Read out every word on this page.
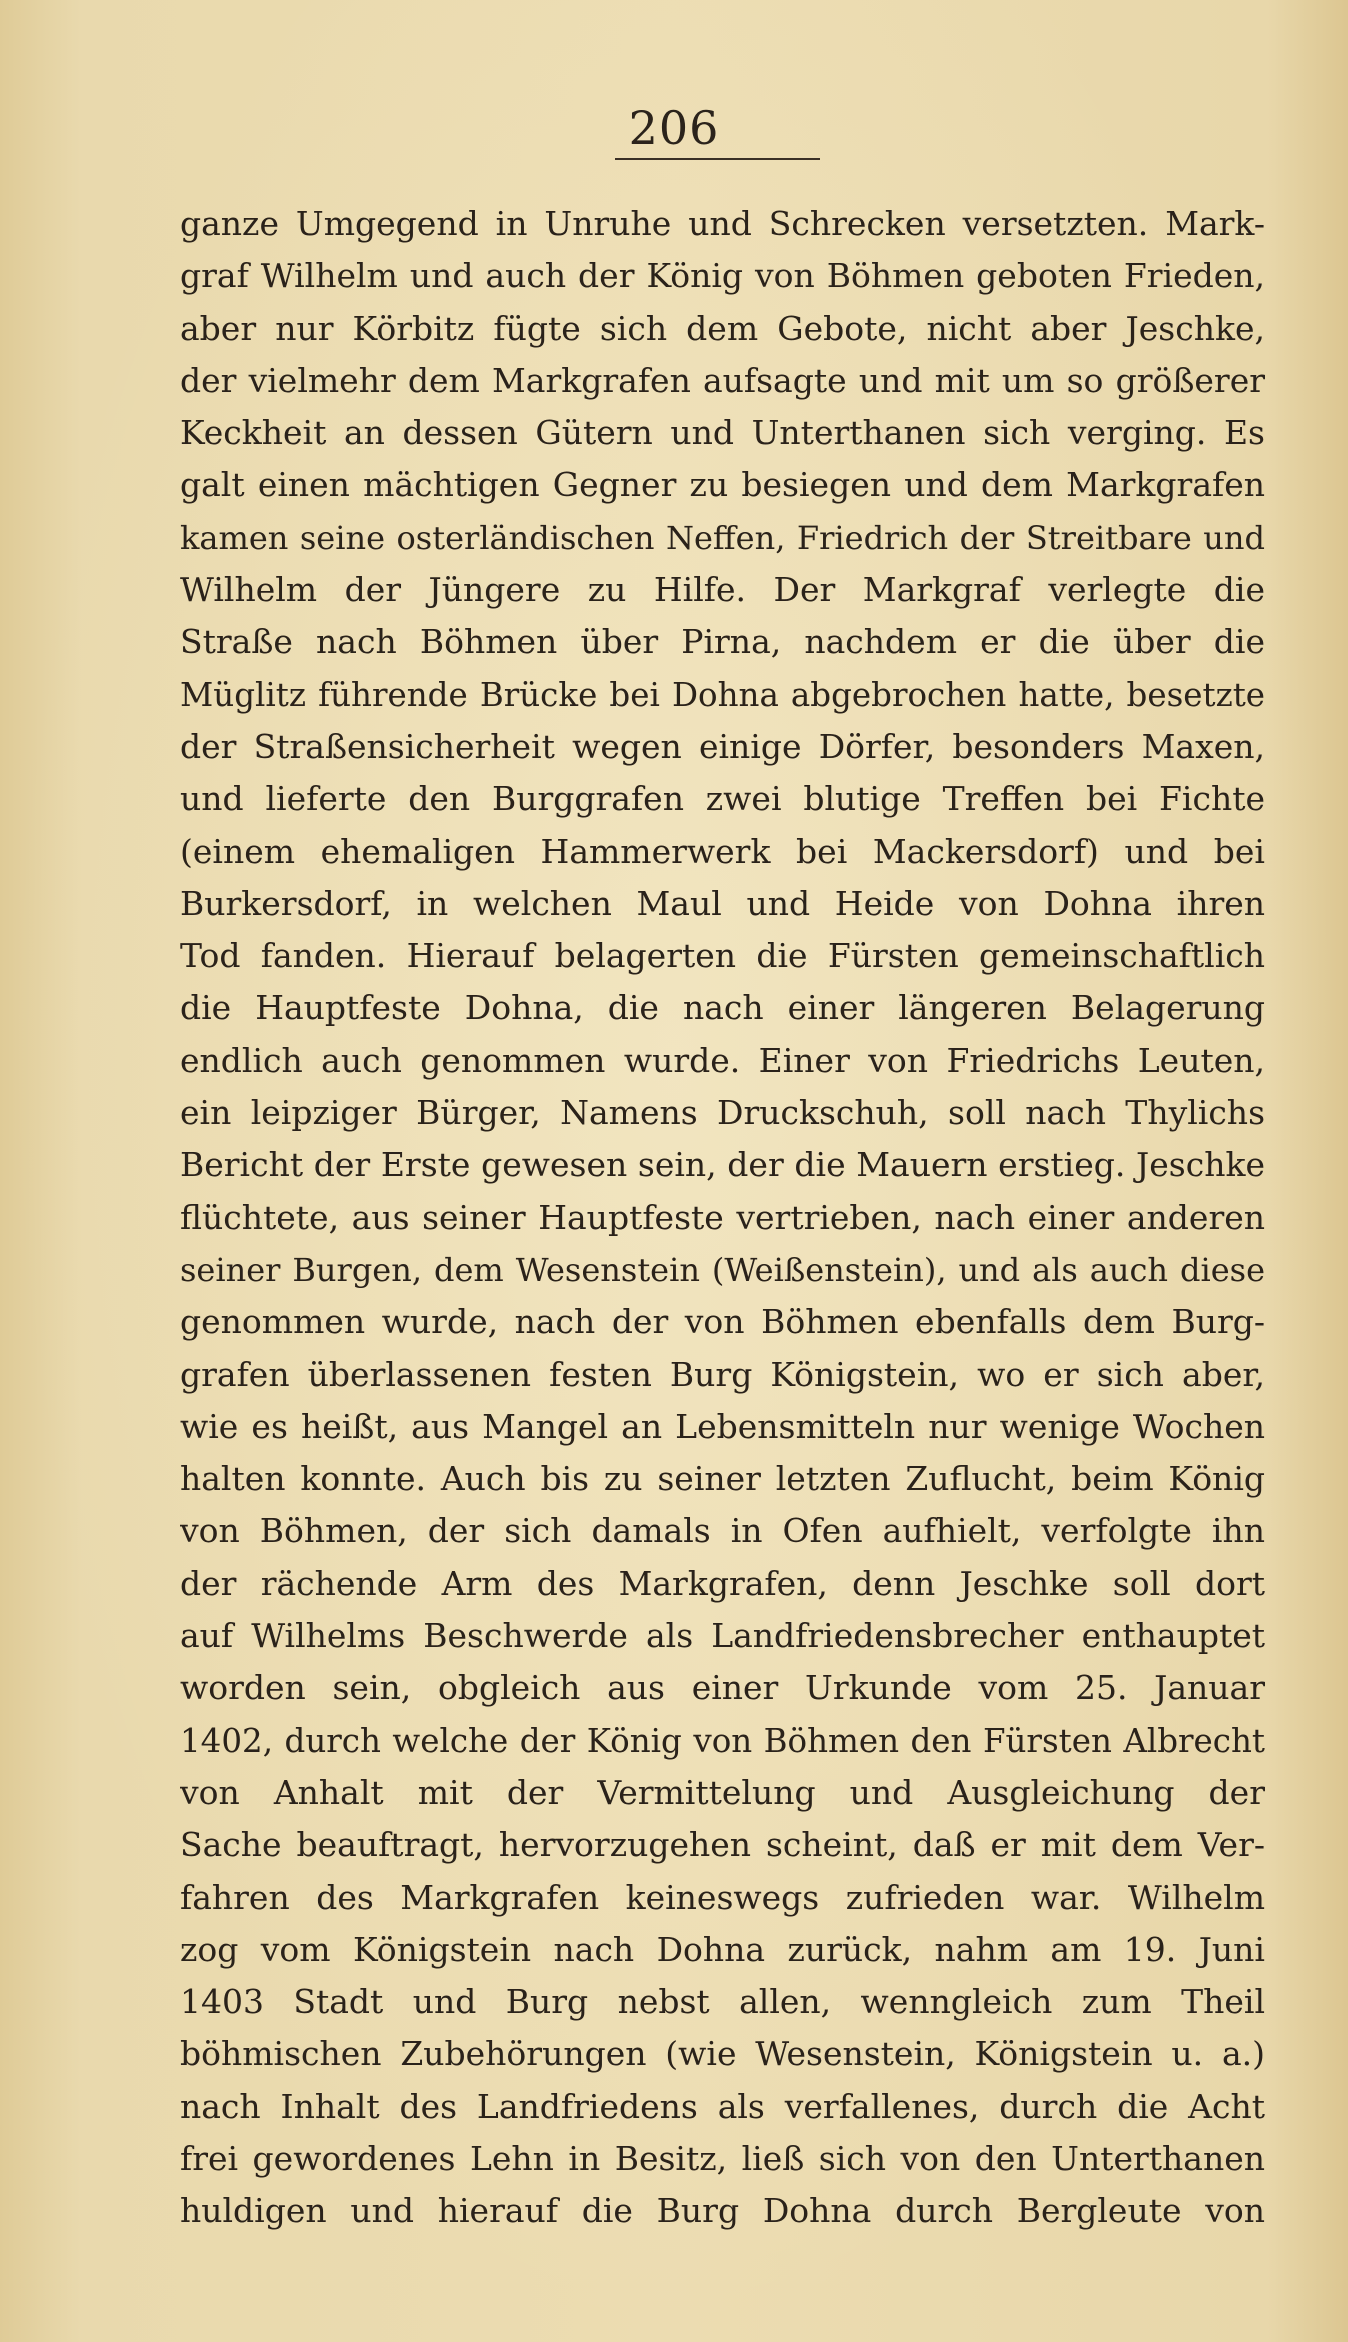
206
ganze Umgegend in Unruhe und Schrecken versetzten. Mark-
graf Wilhelm und auch der König von Böhmen geboten Frieden,
aber nur Körbitz fügte sich dem Gebote, nicht aber Jeschke,
der vielmehr dem Markgrafen aufsagte und mit um so größerer
Keckheit an dessen Gütern und Unterthanen sich verging. Es
galt einen mächtigen Gegner zu besiegen und dem Markgrafen
kamen seine osterländischen Neffen, Friedrich der Streitbare und
Wilhelm der Jüngere zu Hilfe. Der Markgraf verlegte die
Straße nach Böhmen über Pirna, nachdem er die über die
Müglitz führende Brücke bei Dohna abgebrochen hatte, besetzte
der Straßensicherheit wegen einige Dörfer, besonders Maxen,
und lieferte den Burggrafen zwei blutige Treffen bei Fichte
(einem ehemaligen Hammerwerk bei Mackersdorf) und bei
Burkersdorf, in welchen Maul und Heide von Dohna ihren
Tod fanden. Hierauf belagerten die Fürsten gemeinschaftlich
die Hauptfeste Dohna, die nach einer längeren Belagerung
endlich auch genommen wurde. Einer von Friedrichs Leuten,
ein leipziger Bürger, Namens Druckschuh, soll nach Thylichs
Bericht der Erste gewesen sein, der die Mauern erstieg. Jeschke
flüchtete, aus seiner Hauptfeste vertrieben, nach einer anderen
seiner Burgen, dem Wesenstein (Weißenstein), und als auch diese
genommen wurde, nach der von Böhmen ebenfalls dem Burg-
grafen überlassenen festen Burg Königstein, wo er sich aber,
wie es heißt, aus Mangel an Lebensmitteln nur wenige Wochen
halten konnte. Auch bis zu seiner letzten Zuflucht, beim König
von Böhmen, der sich damals in Ofen aufhielt, verfolgte ihn
der rächende Arm des Markgrafen, denn Jeschke soll dort
auf Wilhelms Beschwerde als Landfriedensbrecher enthauptet
worden sein, obgleich aus einer Urkunde vom 25. Januar
1402, durch welche der König von Böhmen den Fürsten Albrecht
von Anhalt mit der Vermittelung und Ausgleichung der
Sache beauftragt, hervorzugehen scheint, daß er mit dem Ver-
fahren des Markgrafen keineswegs zufrieden war. Wilhelm
zog vom Königstein nach Dohna zurück, nahm am 19. Juni
1403 Stadt und Burg nebst allen, wenngleich zum Theil
böhmischen Zubehörungen (wie Wesenstein, Königstein u. a.)
nach Inhalt des Landfriedens als verfallenes, durch die Acht
frei gewordenes Lehn in Besitz, ließ sich von den Unterthanen
huldigen und hierauf die Burg Dohna durch Bergleute von
